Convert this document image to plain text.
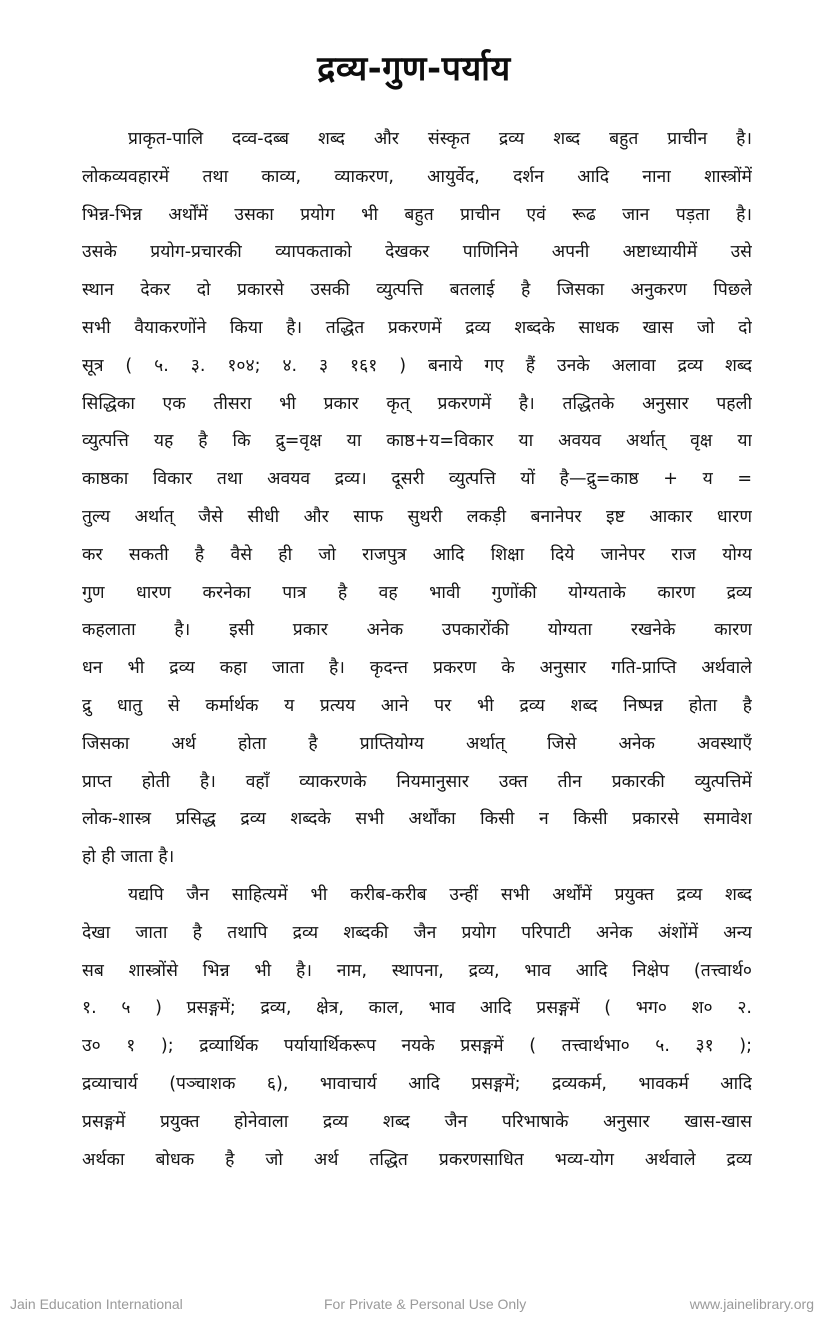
द्रव्य-गुण-पर्याय
प्राकृत-पालि दव्व-दब्ब शब्द और संस्कृत द्रव्य शब्द बहुत प्राचीन है।
लोकव्यवहारमें तथा काव्य, व्याकरण, आयुर्वेद, दर्शन आदि नाना शास्त्रोंमें
भिन्न-भिन्न अर्थोंमें उसका प्रयोग भी बहुत प्राचीन एवं रूढ जान पड़ता है।
उसके प्रयोग-प्रचारकी व्यापकताको देखकर पाणिनिने अपनी अष्टाध्यायीमें उसे
स्थान देकर दो प्रकारसे उसकी व्युत्पत्ति बतलाई है जिसका अनुकरण पिछले
सभी वैयाकरणोंने किया है। तद्धित प्रकरणमें द्रव्य शब्दके साधक खास जो दो
सूत्र ( ५. ३. १०४; ४. ३ १६१ ) बनाये गए हैं उनके अलावा द्रव्य शब्द
सिद्धिका एक तीसरा भी प्रकार कृत् प्रकरणमें है। तद्धितके अनुसार पहली
व्युत्पत्ति यह है कि द्रु=वृक्ष या काष्ठ+य=विकार या अवयव अर्थात् वृक्ष या
काष्ठका विकार तथा अवयव द्रव्य। दूसरी व्युत्पत्ति यों है—द्रु=काष्ठ + य =
तुल्य अर्थात् जैसे सीधी और साफ सुथरी लकड़ी बनानेपर इष्ट आकार धारण
कर सकती है वैसे ही जो राजपुत्र आदि शिक्षा दिये जानेपर राज योग्य
गुण धारण करनेका पात्र है वह भावी गुणोंकी योग्यताके कारण द्रव्य
कहलाता है। इसी प्रकार अनेक उपकारोंकी योग्यता रखनेके कारण
धन भी द्रव्य कहा जाता है। कृदन्त प्रकरण के अनुसार गति-प्राप्ति अर्थवाले
द्रु धातु से कर्मार्थक य प्रत्यय आने पर भी द्रव्य शब्द निष्पन्न होता है
जिसका अर्थ होता है प्राप्तियोग्य अर्थात् जिसे अनेक अवस्थाएँ
प्राप्त होती है। वहाँ व्याकरणके नियमानुसार उक्त तीन प्रकारकी व्युत्पत्तिमें
लोक-शास्त्र प्रसिद्ध द्रव्य शब्दके सभी अर्थोंका किसी न किसी प्रकारसे समावेश
हो ही जाता है।
यद्यपि जैन साहित्यमें भी करीब-करीब उन्हीं सभी अर्थोंमें प्रयुक्त द्रव्य शब्द
देखा जाता है तथापि द्रव्य शब्दकी जैन प्रयोग परिपाटी अनेक अंशोंमें अन्य
सब शास्त्रोंसे भिन्न भी है। नाम, स्थापना, द्रव्य, भाव आदि निक्षेप (तत्त्वार्थ०
१. ५ ) प्रसङ्गमें; द्रव्य, क्षेत्र, काल, भाव आदि प्रसङ्गमें ( भग० श० २.
उ० १ ); द्रव्यार्थिक पर्यायार्थिकरूप नयके प्रसङ्गमें ( तत्त्वार्थभा० ५. ३१ );
द्रव्याचार्य (पञ्चाशक ६), भावाचार्य आदि प्रसङ्गमें; द्रव्यकर्म, भावकर्म आदि
प्रसङ्गमें प्रयुक्त होनेवाला द्रव्य शब्द जैन परिभाषाके अनुसार खास-खास
अर्थका बोधक है जो अर्थ तद्धित प्रकरणसाधित भव्य-योग अर्थवाले द्रव्य
Jain Education International	For Private & Personal Use Only	www.jainelibrary.org
